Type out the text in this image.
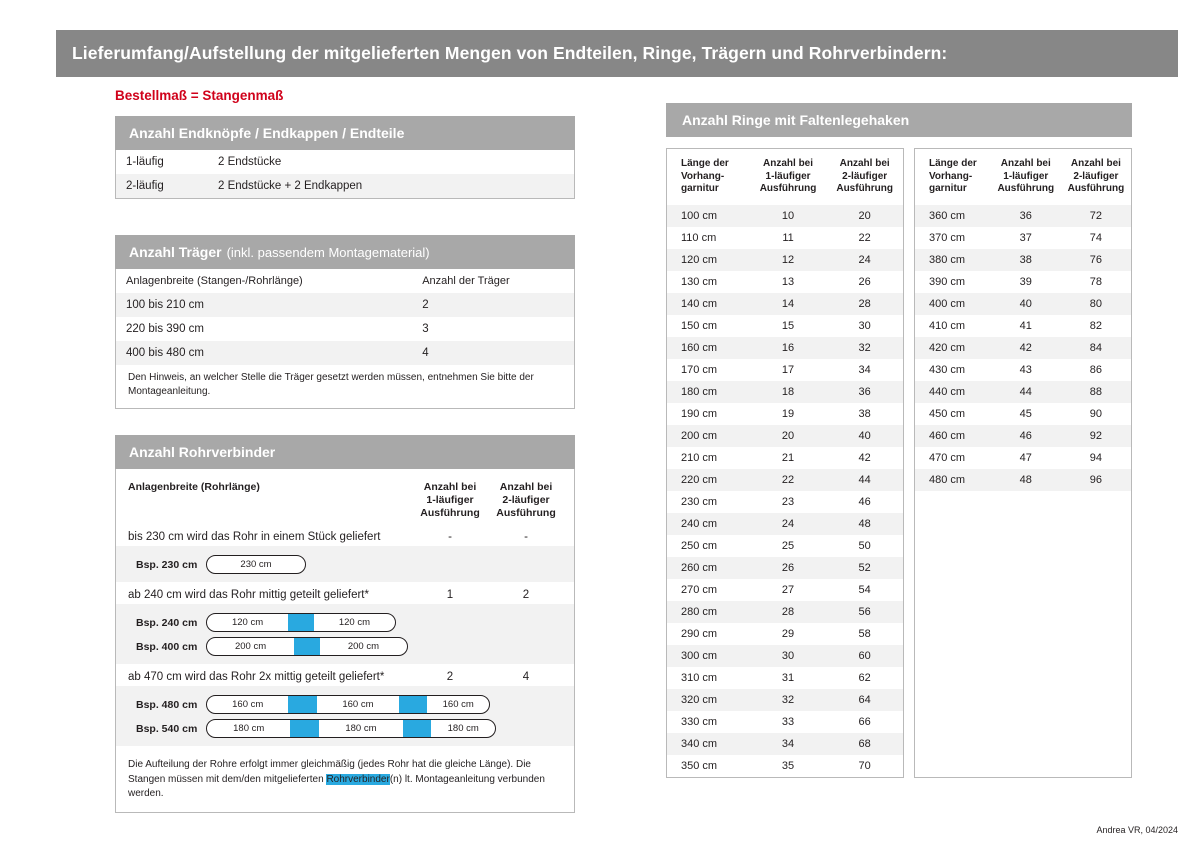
Lieferumfang/Aufstellung der mitgelieferten Mengen von Endteilen, Ringe, Trägern und Rohrverbindern:
Bestellmaß = Stangenmaß
Anzahl Endknöpfe / Endkappen / Endteile
1-läufig	2 Endstücke
2-läufig	2 Endstücke + 2 Endkappen
Anzahl Träger (inkl. passendem Montagematerial)
Anlagenbreite (Stangen-/Rohrlänge)	Anzahl der Träger
100 bis 210 cm	2
220 bis 390 cm	3
400 bis 480 cm	4
Den Hinweis, an welcher Stelle die Träger gesetzt werden müssen, entnehmen Sie bitte der Montageanleitung.
Anzahl Rohrverbinder
Anlagenbreite (Rohrlänge)	Anzahl bei
1-läufiger
Ausführung
Anzahl bei
2-läufiger
Ausführung
bis 230 cm wird das Rohr in einem Stück geliefert	-	-
Bsp. 230 cm	230 cm
ab 240 cm wird das Rohr mittig geteilt geliefert*	1	2
Bsp. 240 cm	120 cm	120 cm
Bsp. 400 cm	200 cm	200 cm
ab 470 cm wird das Rohr 2x mittig geteilt geliefert*	2	4
Bsp. 480 cm	160 cm	160 cm	160 cm
Bsp. 540 cm	180 cm	180 cm	180 cm
Die Aufteilung der Rohre erfolgt immer gleichmäßig (jedes Rohr hat die gleiche Länge). Die Stangen müssen mit dem/den mitgelieferten Rohrverbinder(n) lt. Montageanleitung verbunden werden.
Anzahl Ringe mit Faltenlegehaken
Länge der
Vorhang-
garnitur	Anzahl bei
1-läufiger
Ausführung	Anzahl bei
2-läufiger
Ausführung
100 cm	10	20
110 cm	11	22
120 cm	12	24
130 cm	13	26
140 cm	14	28
150 cm	15	30
160 cm	16	32
170 cm	17	34
180 cm	18	36
190 cm	19	38
200 cm	20	40
210 cm	21	42
220 cm	22	44
230 cm	23	46
240 cm	24	48
250 cm	25	50
260 cm	26	52
270 cm	27	54
280 cm	28	56
290 cm	29	58
300 cm	30	60
310 cm	31	62
320 cm	32	64
330 cm	33	66
340 cm	34	68
350 cm	35	70
Länge der
Vorhang-
garnitur	Anzahl bei
1-läufiger
Ausführung	Anzahl bei
2-läufiger
Ausführung
360 cm	36	72
370 cm	37	74
380 cm	38	76
390 cm	39	78
400 cm	40	80
410 cm	41	82
420 cm	42	84
430 cm	43	86
440 cm	44	88
450 cm	45	90
460 cm	46	92
470 cm	47	94
480 cm	48	96
Andrea VR, 04/2024
